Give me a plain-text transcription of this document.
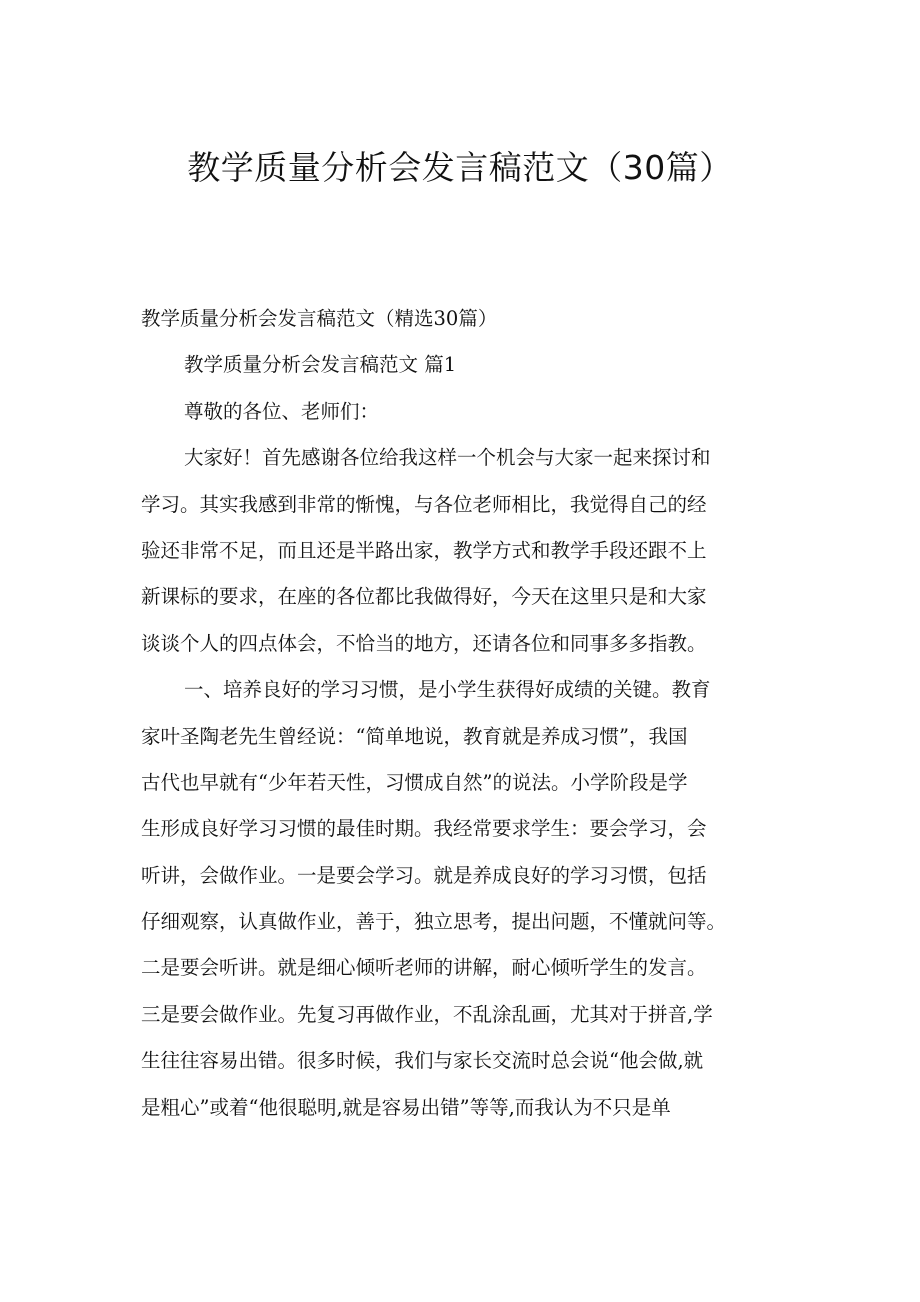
教学质量分析会发言稿范文（30篇）

教学质量分析会发言稿范文（精选30篇）

教学质量分析会发言稿范文 篇1

尊敬的各位、老师们：

大家好！首先感谢各位给我这样一个机会与大家一起来探讨和
学习。其实我感到非常的惭愧，与各位老师相比，我觉得自己的经
验还非常不足，而且还是半路出家，教学方式和教学手段还跟不上
新课标的要求，在座的各位都比我做得好，今天在这里只是和大家
谈谈个人的四点体会，不恰当的地方，还请各位和同事多多指教。

一、培养良好的学习习惯，是小学生获得好成绩的关键。教育
家叶圣陶老先生曾经说：“简单地说，教育就是养成习惯”，我国
古代也早就有“少年若天性，习惯成自然”的说法。小学阶段是学
生形成良好学习习惯的最佳时期。我经常要求学生：要会学习，会
听讲，会做作业。一是要会学习。就是养成良好的学习习惯，包括
仔细观察，认真做作业，善于，独立思考，提出问题，不懂就问等。
二是要会听讲。就是细心倾听老师的讲解，耐心倾听学生的发言。
三是要会做作业。先复习再做作业，不乱涂乱画，尤其对于拼音,学
生往往容易出错。很多时候，我们与家长交流时总会说“他会做,就
是粗心”或着“他很聪明,就是容易出错”等等,而我认为不只是单
